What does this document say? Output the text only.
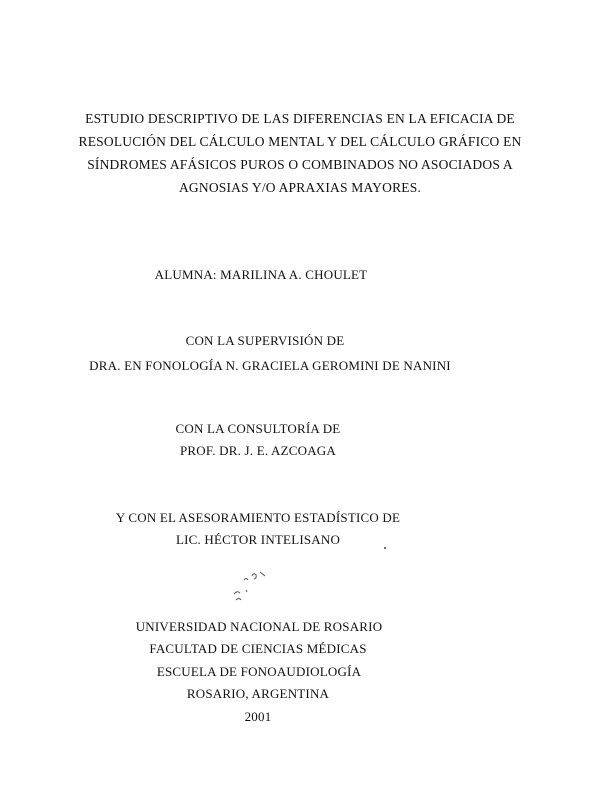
ESTUDIO DESCRIPTIVO DE LAS DIFERENCIAS EN LA EFICACIA DE
RESOLUCIÓN DEL CÁLCULO MENTAL Y DEL CÁLCULO GRÁFICO EN
SÍNDROMES AFÁSICOS PUROS O COMBINADOS NO ASOCIADOS A
AGNOSIAS Y/O APRAXIAS MAYORES.
ALUMNA: MARILINA A. CHOULET
CON LA SUPERVISIÓN DE
DRA. EN FONOLOGÍA N. GRACIELA GEROMINI DE NANINI
CON LA CONSULTORÍA DE
PROF. DR. J. E. AZCOAGA
Y CON EL ASESORAMIENTO ESTADÍSTICO DE
LIC. HÉCTOR INTELISANO
UNIVERSIDAD NACIONAL DE ROSARIO
FACULTAD DE CIENCIAS MÉDICAS
ESCUELA DE FONOAUDIOLOGÍA
ROSARIO, ARGENTINA
2001
